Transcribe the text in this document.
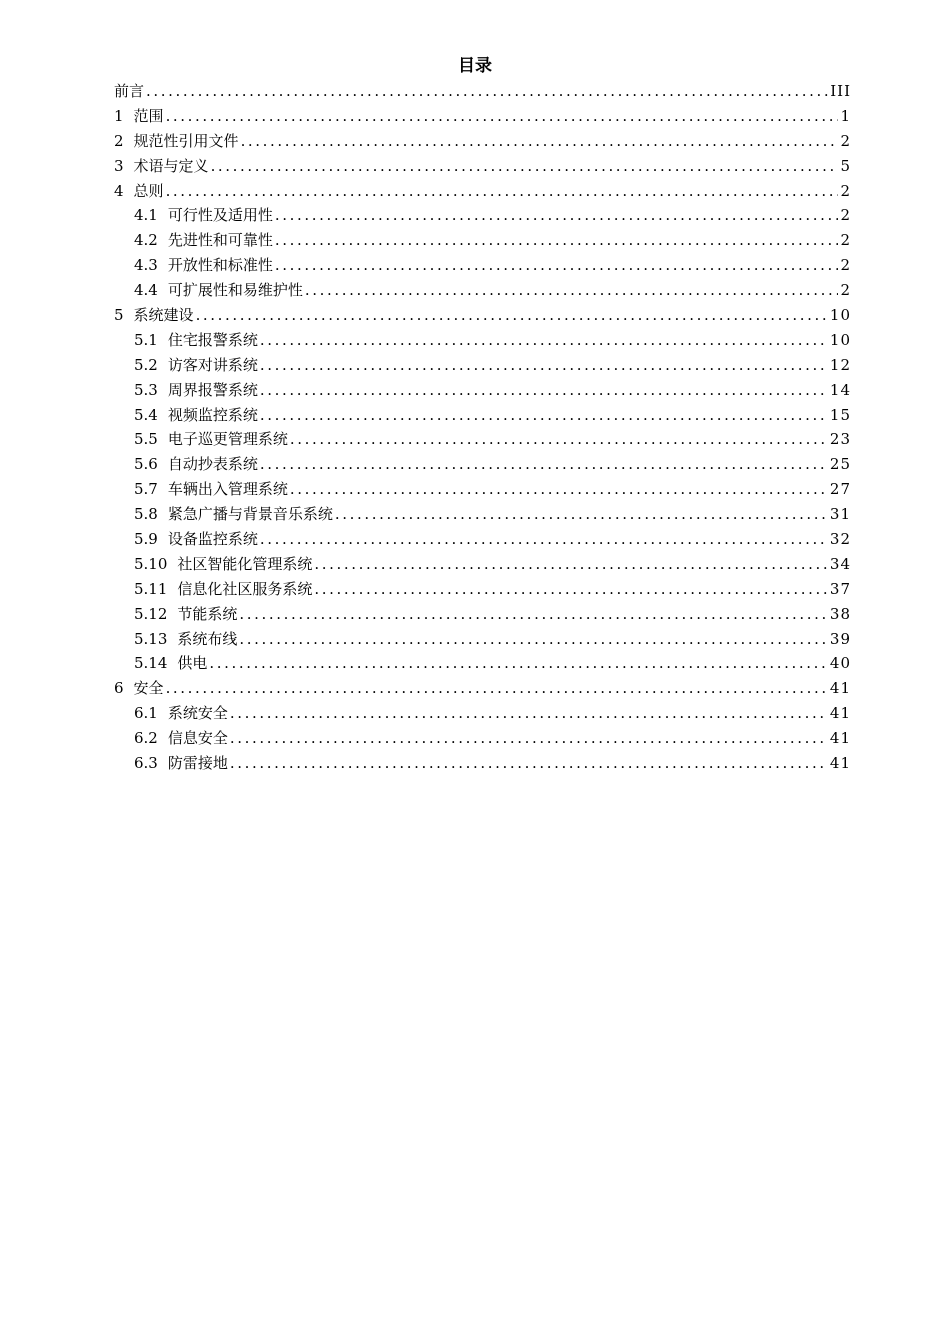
目录
前言 .....	III
1 范围 .....	1
2 规范性引用文件 .....	2
3 术语与定义 .....	5
4 总则 .....	2
4.1 可行性及适用性 .....	2
4.2 先进性和可靠性 .....	2
4.3 开放性和标准性 .....	2
4.4 可扩展性和易维护性 .....	2
5 系统建设 .....	10
5.1 住宅报警系统 .....	10
5.2 访客对讲系统 .....	12
5.3 周界报警系统 .....	14
5.4 视频监控系统 .....	15
5.5 电子巡更管理系统 .....	23
5.6 自动抄表系统 .....	25
5.7 车辆出入管理系统 .....	27
5.8 紧急广播与背景音乐系统 .....	31
5.9 设备监控系统 .....	32
5.10 社区智能化管理系统 .....	34
5.11 信息化社区服务系统 .....	37
5.12 节能系统 .....	38
5.13 系统布线 .....	39
5.14 供电 .....	40
6 安全 .....	41
6.1 系统安全 .....	41
6.2 信息安全 .....	41
6.3 防雷接地 .....	41
